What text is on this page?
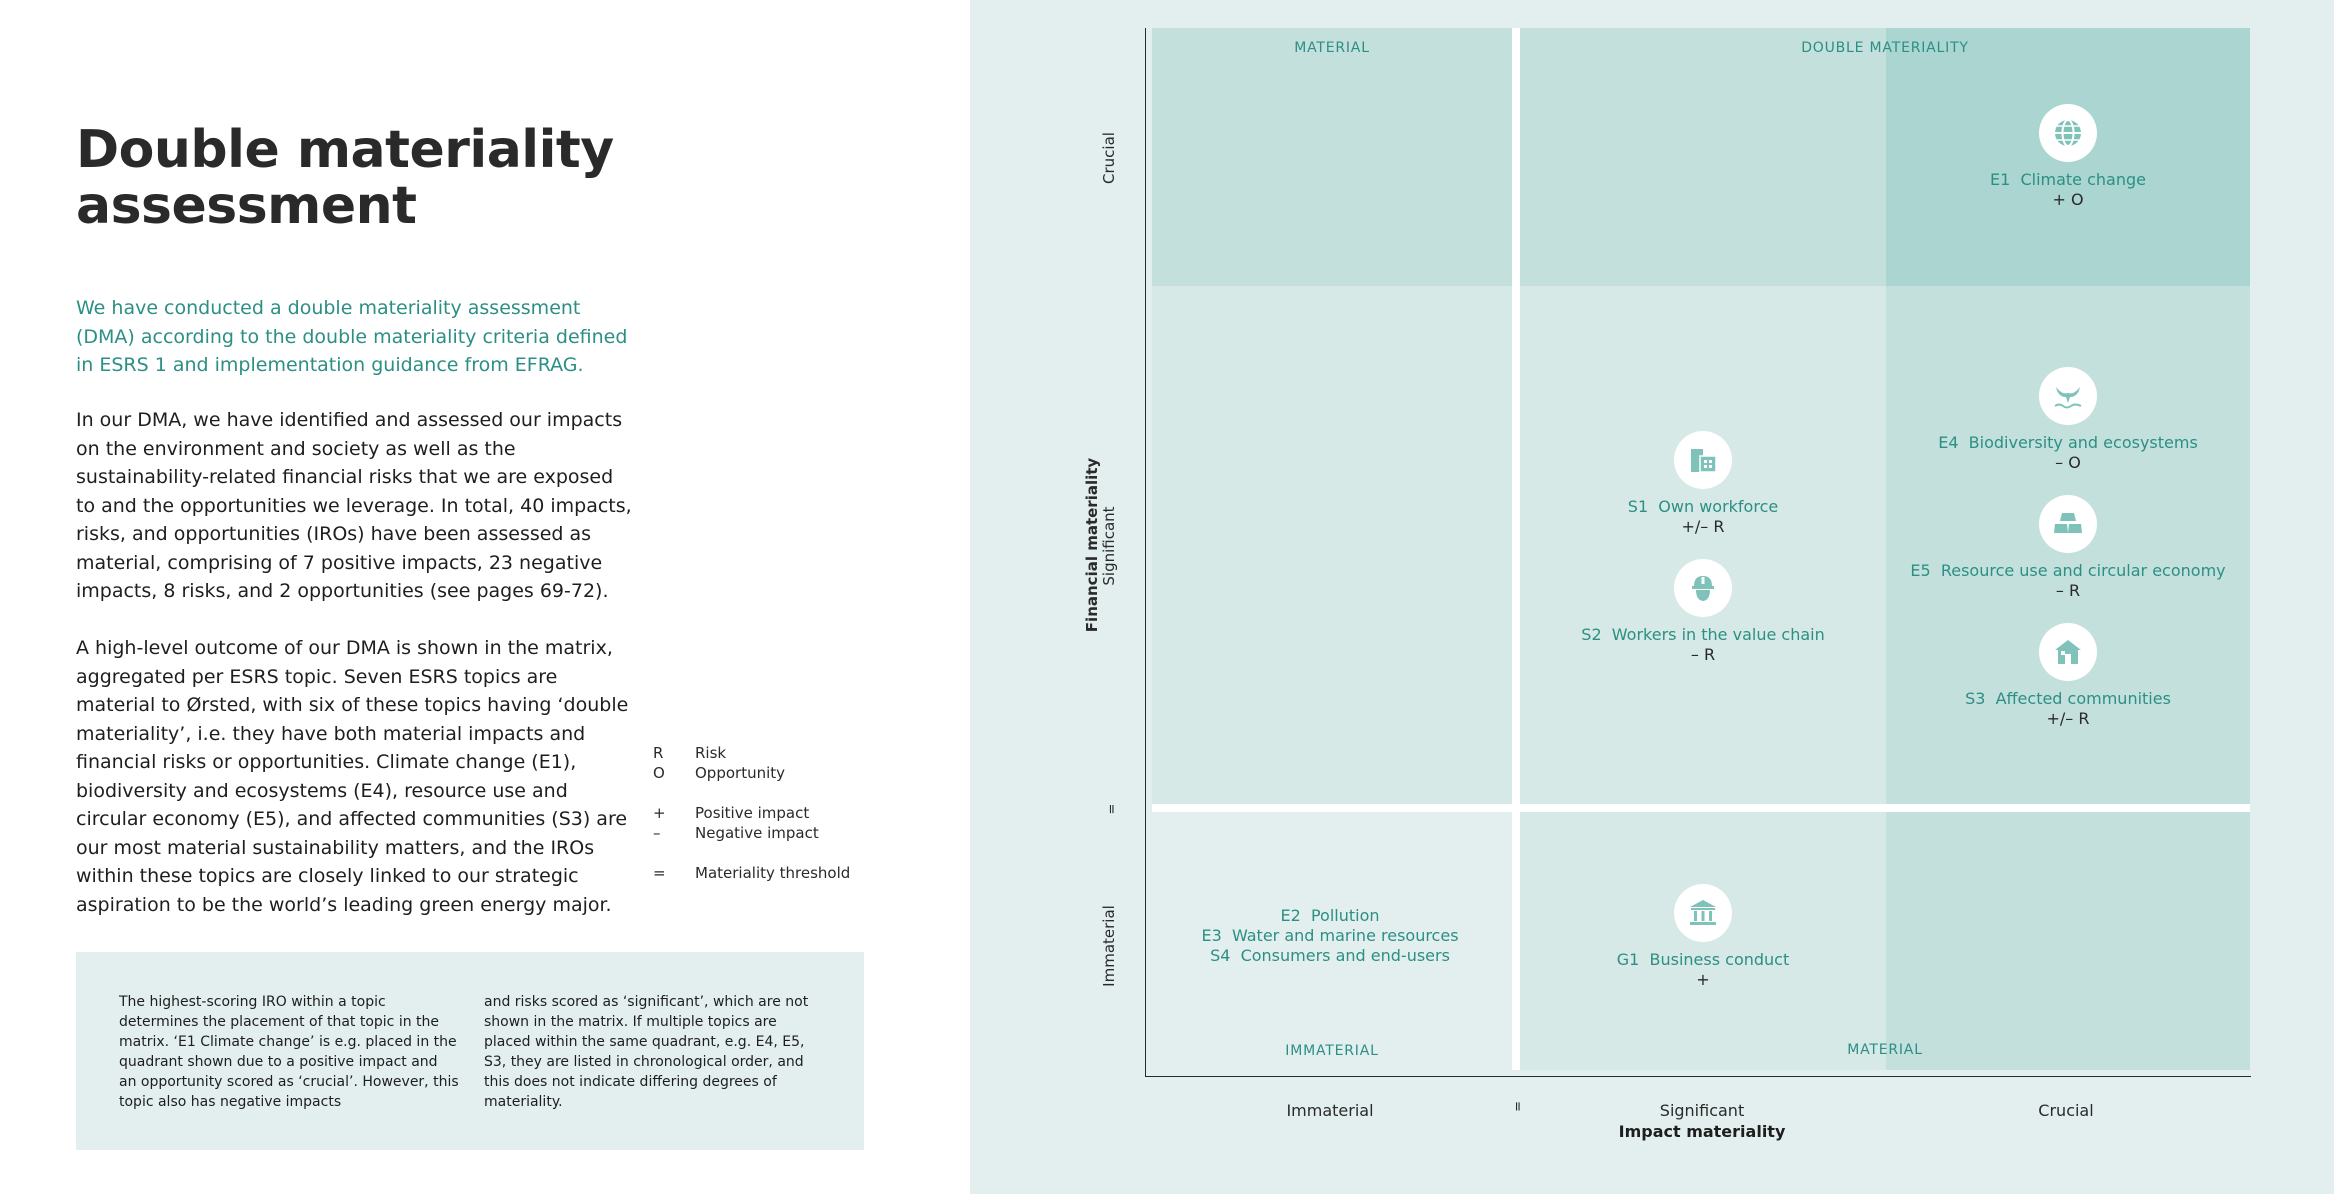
Double materiality assessment

We have conducted a double materiality assessment (DMA) according to the double materiality criteria defined in ESRS 1 and implementation guidance from EFRAG.

In our DMA, we have identified and assessed our impacts on the environment and society as well as the sustainability-related financial risks that we are exposed to and the opportunities we leverage. In total, 40 impacts, risks, and opportunities (IROs) have been assessed as material, comprising of 7 positive impacts, 23 negative impacts, 8 risks, and 2 opportunities (see pages 69-72).

A high-level outcome of our DMA is shown in the matrix, aggregated per ESRS topic. Seven ESRS topics are material to Ørsted, with six of these topics having ‘double materiality’, i.e. they have both material impacts and financial risks or opportunities. Climate change (E1), biodiversity and ecosystems (E4), resource use and circular economy (E5), and affected communities (S3) are our most material sustainability matters, and the IROs within these topics are closely linked to our strategic aspiration to be the world’s leading green energy major.

R	Risk
O	Opportunity
+	Positive impact
–	Negative impact
=	Materiality threshold

The highest-scoring IRO within a topic determines the placement of that topic in the matrix. ‘E1 Climate change’ is e.g. placed in the quadrant shown due to a positive impact and an opportunity scored as ‘crucial’. However, this topic also has negative impacts

and risks scored as ‘significant’, which are not shown in the matrix. If multiple topics are placed within the same quadrant, e.g. E4, E5, S3, they are listed in chronological order, and this does not indicate differing degrees of materiality.

MATERIAL	DOUBLE MATERIALITY
IMMATERIAL	MATERIAL
Crucial
Significant
Immaterial
Financial materiality
=
Immaterial	Significant	Crucial
Impact materiality
=
E1 Climate change
+ O
E4 Biodiversity and ecosystems
– O
E5 Resource use and circular economy
– R
S3 Affected communities
+/– R
S1 Own workforce
+/– R
S2 Workers in the value chain
– R
G1 Business conduct
+
E2 Pollution
E3 Water and marine resources
S4 Consumers and end-users
